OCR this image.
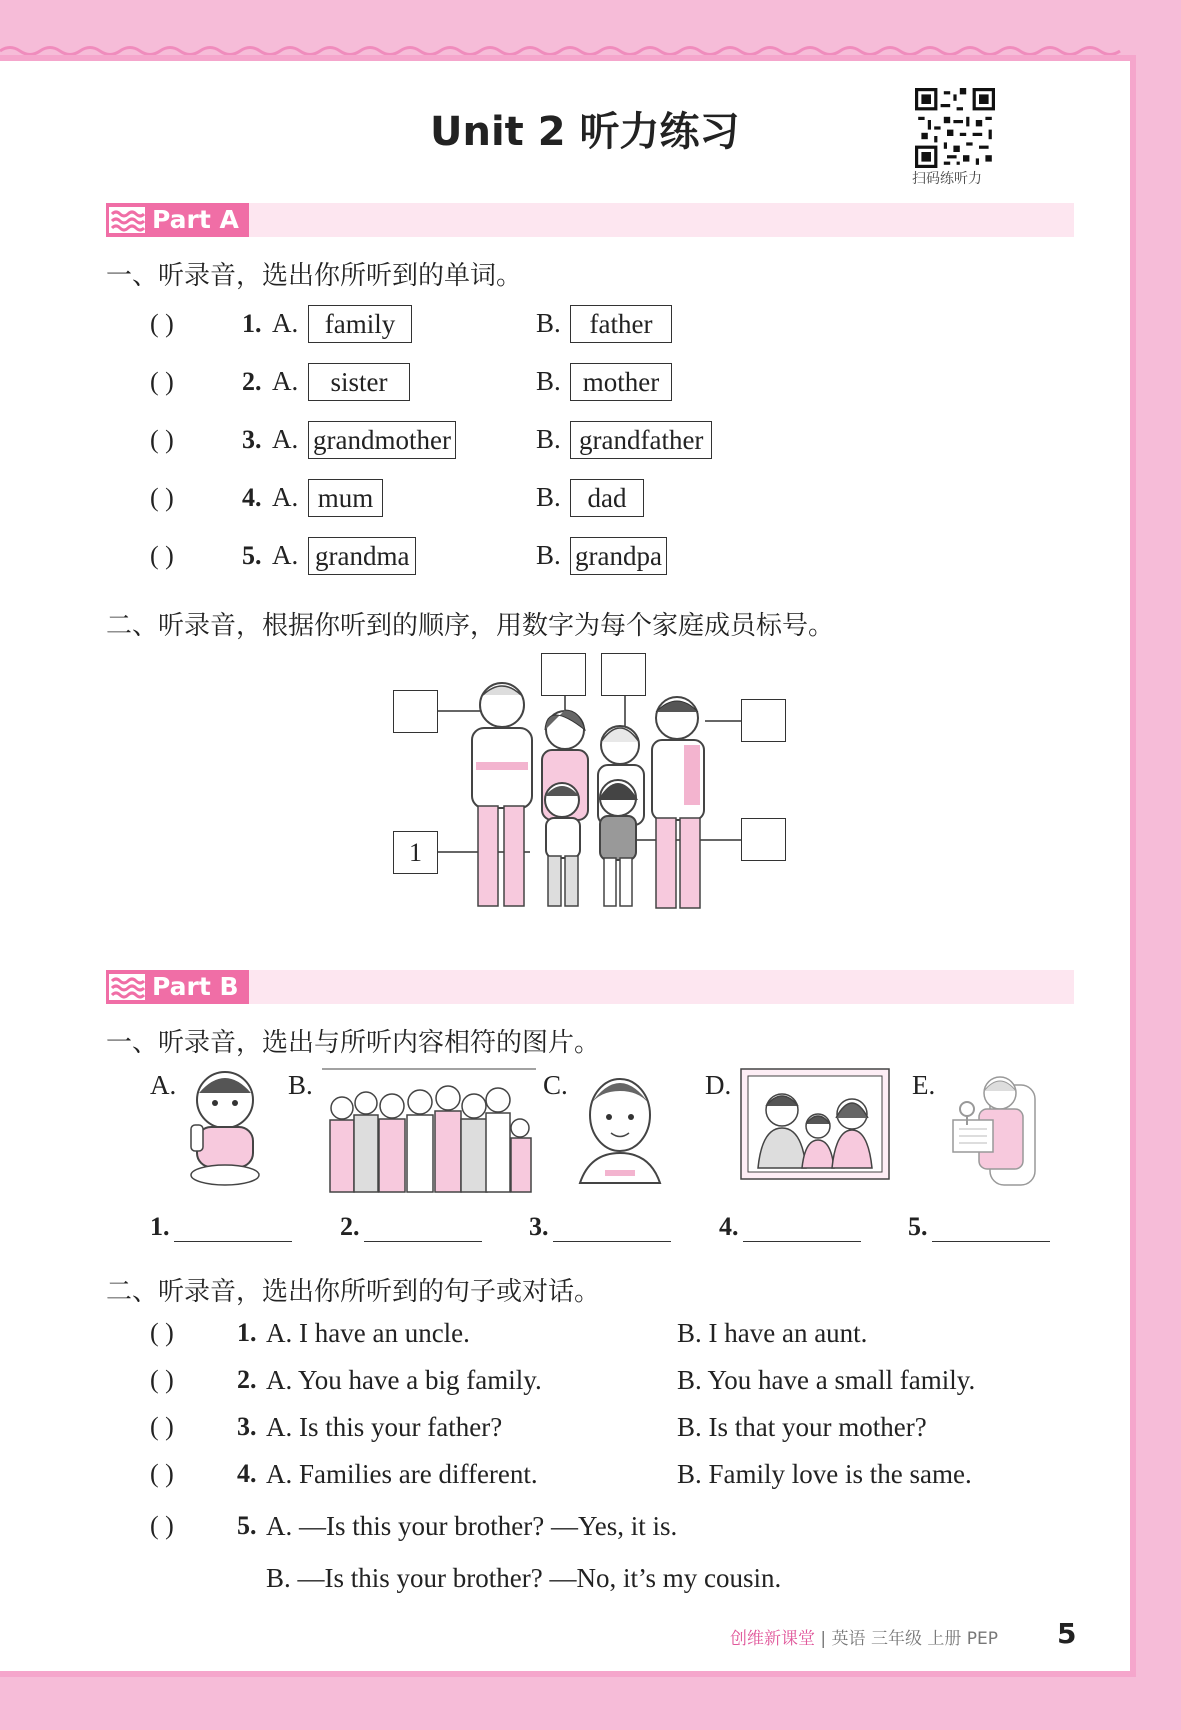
Unit 2 听力练习
扫码练听力
Part A
一、听录音，选出你所听到的单词。
( )	1. A. family	B.	father
( )	2. A.	sister	B. mother
( )	3. A. grandmother	B. grandfather
( )	4. A. mum	B. dad
( )	5. A. grandma	B. grandpa
二、听录音，根据你听到的顺序，用数字为每个家庭成员标号。
1
Part B
一、听录音，选出与所听内容相符的图片。
A.	B.	C.	D.	E.
1.	2.	3.	4.	5.
二、听录音，选出你所听到的句子或对话。
( ) 1. A. I have an uncle.	B. I have an aunt.
( ) 2. A. You have a big family.	B. You have a small family.
( ) 3. A. Is this your father?	B. Is that your mother?
( ) 4. A. Families are different.	B. Family love is the same.
( ) 5. A. —Is this your brother? —Yes, it is.
B. —Is this your brother? —No, it’s my cousin.
创维新课堂 | 英语 三年级 上册 PEP 5
